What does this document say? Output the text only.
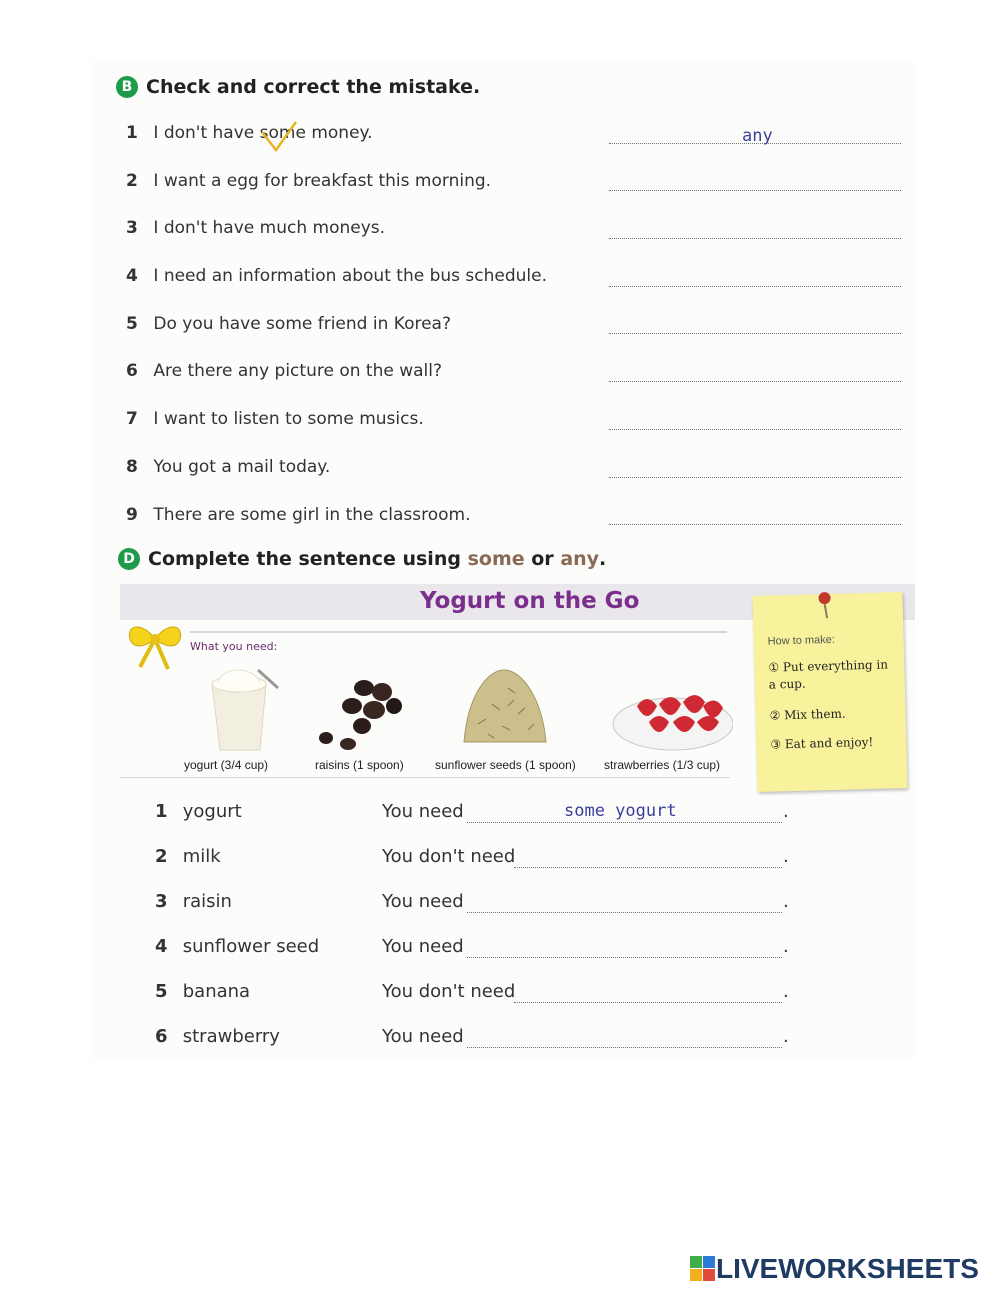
B Check and correct the mistake.
1 I don't have some money.	any
2 I want a egg for breakfast this morning.
3 I don't have much moneys.
4 I need an information about the bus schedule.
5 Do you have some friend in Korea?
6 Are there any picture on the wall?
7 I want to listen to some musics.
8 You got a mail today.
9 There are some girl in the classroom.
D Complete the sentence using
some
or
any .
Yogurt on the Go
What you need:
yogurt (3/4 cup)	raisins (1 spoon)	sunflower seeds (1 spoon) strawberries (1/3 cup)
How to make:
① Put everything in a cup.
② Mix them.
③ Eat and enjoy!
1 yogurt	You need	some yogurt	.
2 milk	You don't need	.
3 raisin	You need	.
4 sunflower seed	You need	.
5 banana	You don't need	.
6 strawberry	You need	.
LIVEWORKSHEETS
